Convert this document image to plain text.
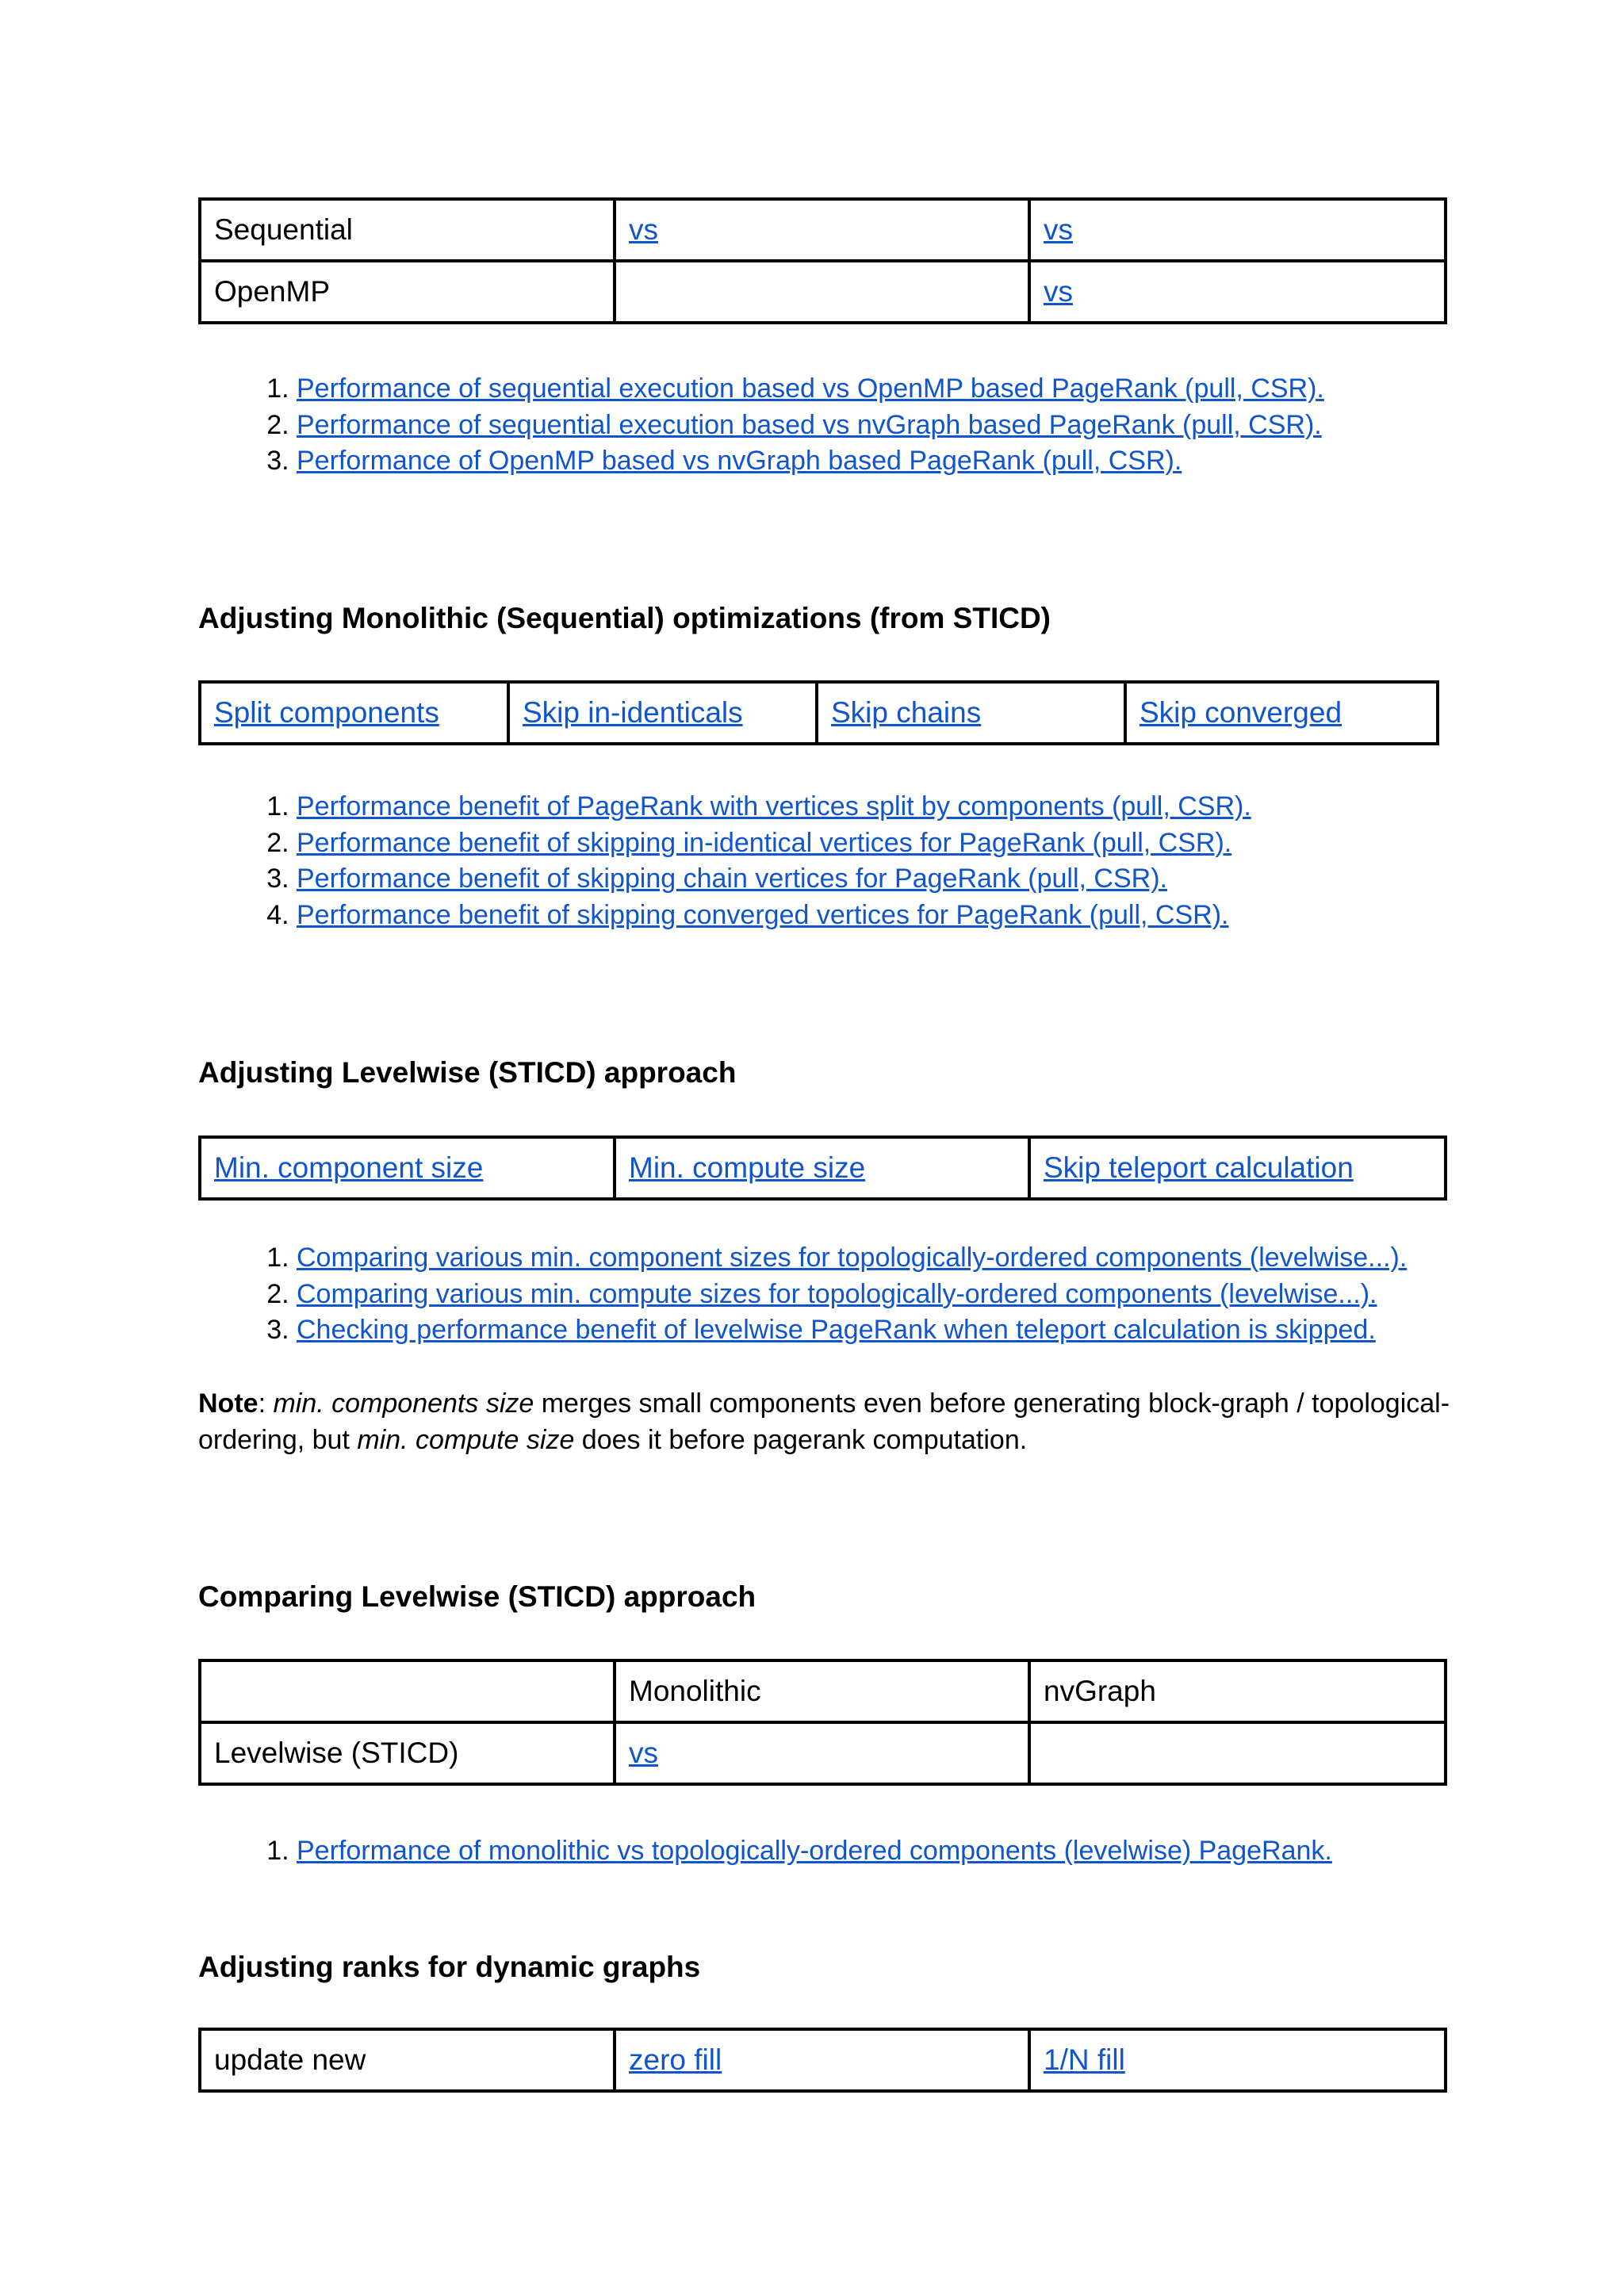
Sequential	vs	vs
OpenMP		vs
1. Performance of sequential execution based vs OpenMP based PageRank (pull, CSR).
2. Performance of sequential execution based vs nvGraph based PageRank (pull, CSR).
3. Performance of OpenMP based vs nvGraph based PageRank (pull, CSR).
Adjusting Monolithic (Sequential) optimizations (from STICD)
Split components	Skip in-identicals	Skip chains	Skip converged
1. Performance benefit of PageRank with vertices split by components (pull, CSR).
2. Performance benefit of skipping in-identical vertices for PageRank (pull, CSR).
3. Performance benefit of skipping chain vertices for PageRank (pull, CSR).
4. Performance benefit of skipping converged vertices for PageRank (pull, CSR).
Adjusting Levelwise (STICD) approach
Min. component size	Min. compute size	Skip teleport calculation
1. Comparing various min. component sizes for topologically-ordered components (levelwise...).
2. Comparing various min. compute sizes for topologically-ordered components (levelwise...).
3. Checking performance benefit of levelwise PageRank when teleport calculation is skipped.

Note: min. components size merges small components even before generating block-graph / topological-ordering, but min. compute size does it before pagerank computation.

Comparing Levelwise (STICD) approach
	Monolithic	nvGraph
Levelwise (STICD)	vs	
1. Performance of monolithic vs topologically-ordered components (levelwise) PageRank.
Adjusting ranks for dynamic graphs
update new	zero fill	1/N fill
